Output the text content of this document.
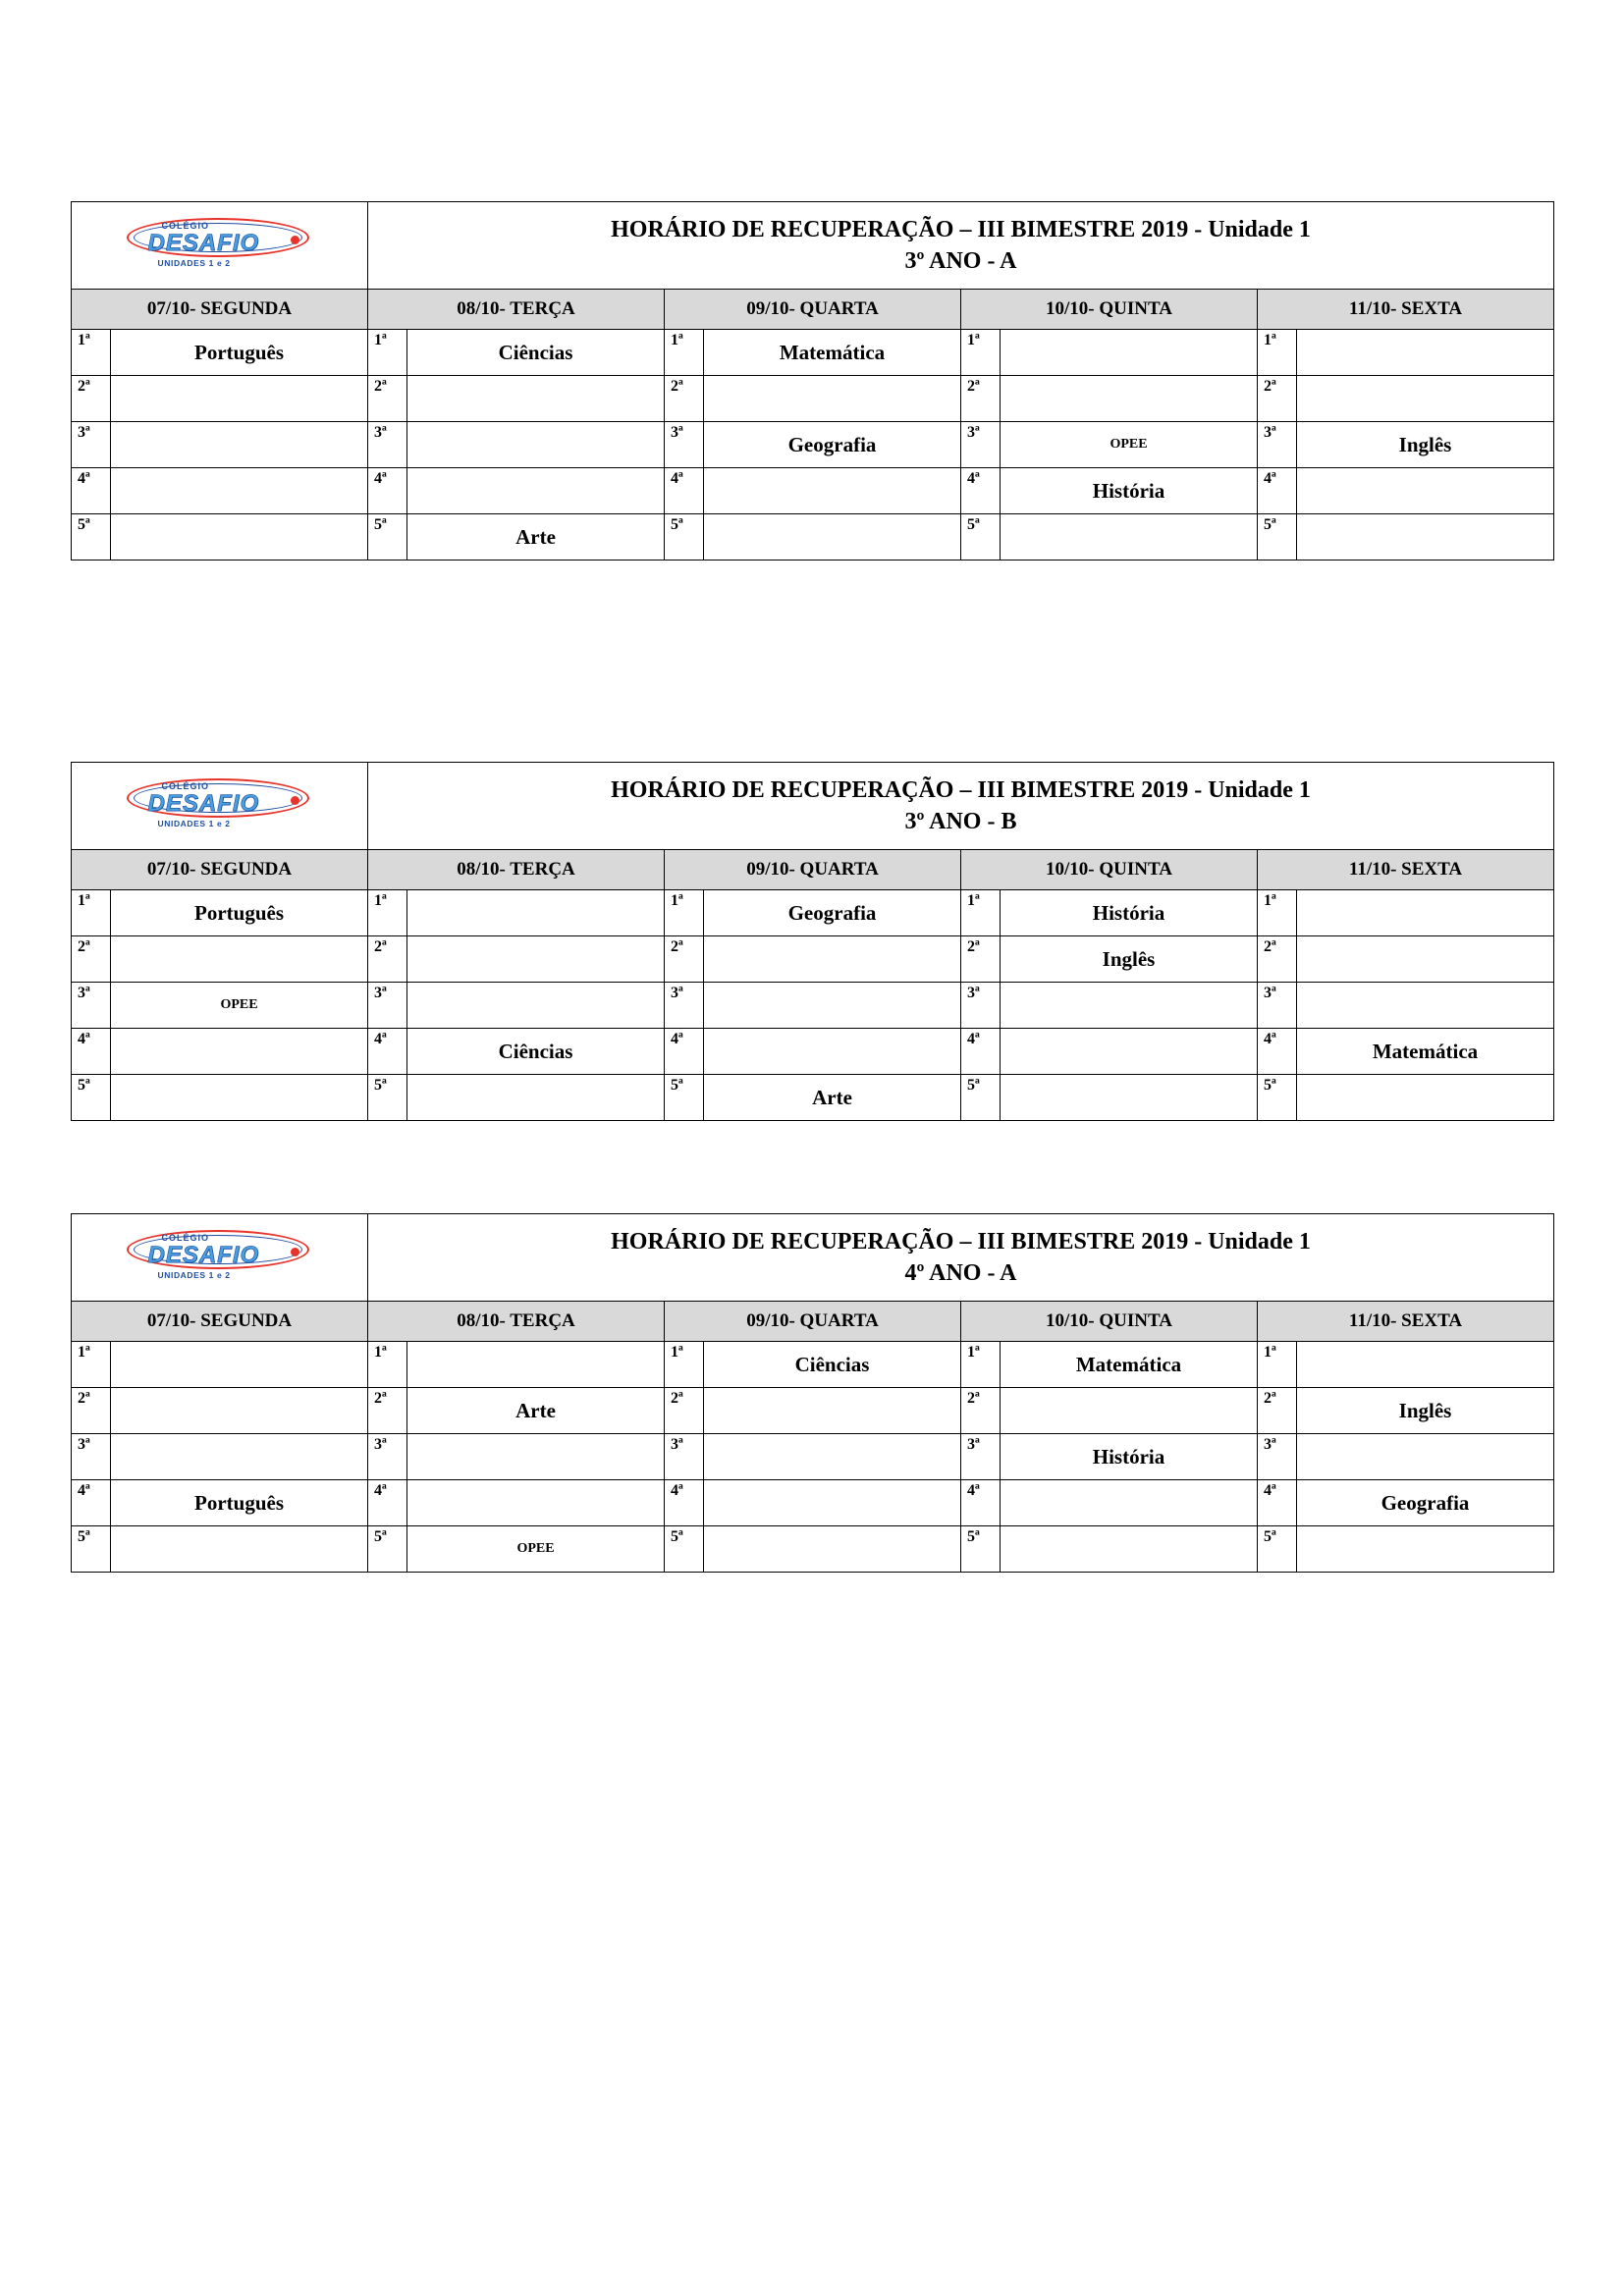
COLÉGIO
DESAFIO
UNIDADES 1 e 2

HORÁRIO DE RECUPERAÇÃO – III BIMESTRE 2019 - Unidade 1
3º ANO - A

07/10- SEGUNDA		08/10- TERÇA		09/10- QUARTA		10/10- QUINTA		11/10- SEXTA	
1ª	Português	1ª	Ciências	1ª	Matemática	1ª		1ª	
2ª		2ª		2ª		2ª		2ª	
3ª		3ª		3ª	Geografia	3ª	OPEE	3ª	Inglês
4ª		4ª		4ª		4ª	História	4ª	
5ª		5ª	Arte	5ª		5ª		5ª	
COLÉGIO
DESAFIO
UNIDADES 1 e 2

HORÁRIO DE RECUPERAÇÃO – III BIMESTRE 2019 - Unidade 1
3º ANO - B

07/10- SEGUNDA		08/10- TERÇA		09/10- QUARTA		10/10- QUINTA		11/10- SEXTA	
1ª	Português	1ª		1ª	Geografia	1ª	História	1ª	
2ª		2ª		2ª		2ª	Inglês	2ª	
3ª	OPEE	3ª		3ª		3ª		3ª	
4ª		4ª	Ciências	4ª		4ª		4ª	Matemática
5ª		5ª		5ª	Arte	5ª		5ª	
COLÉGIO
DESAFIO
UNIDADES 1 e 2

HORÁRIO DE RECUPERAÇÃO – III BIMESTRE 2019 - Unidade 1
4º ANO - A

07/10- SEGUNDA		08/10- TERÇA		09/10- QUARTA		10/10- QUINTA		11/10- SEXTA	
1ª		1ª		1ª	Ciências	1ª	Matemática	1ª	
2ª		2ª	Arte	2ª		2ª		2ª	Inglês
3ª		3ª		3ª		3ª	História	3ª	
4ª	Português	4ª		4ª		4ª		4ª	Geografia
5ª		5ª	OPEE	5ª		5ª		5ª	
